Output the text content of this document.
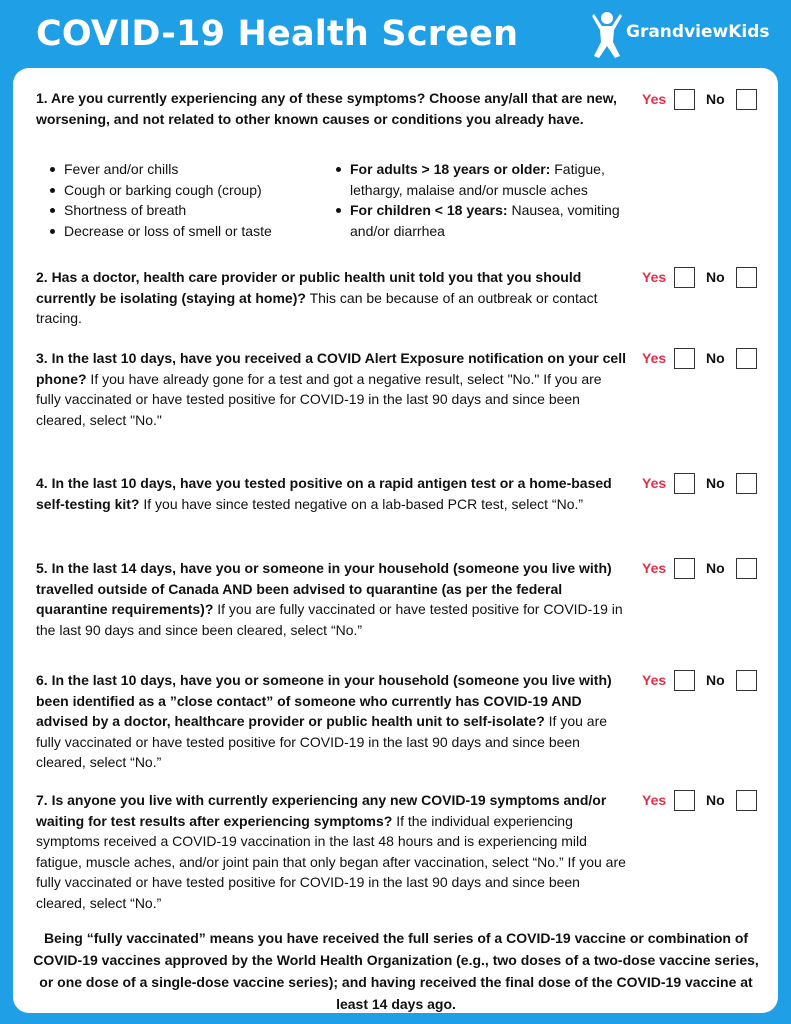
COVID-19 Health Screen	GrandviewKids
1. Are you currently experiencing any of these symptoms? Choose any/all that are new, worsening, and not related to other known causes or conditions you already have.
Fever and/or chills
Cough or barking cough (croup)
Shortness of breath
Decrease or loss of smell or taste
For adults > 18 years or older: Fatigue, lethargy, malaise and/or muscle aches
For children < 18 years: Nausea, vomiting and/or diarrhea
Yes	No
2. Has a doctor, health care provider or public health unit told you that you should currently be isolating (staying at home)? This can be because of an outbreak or contact tracing.
Yes	No
3. In the last 10 days, have you received a COVID Alert Exposure notification on your cell phone? If you have already gone for a test and got a negative result, select "No." If you are fully vaccinated or have tested positive for COVID-19 in the last 90 days and since been cleared, select "No."
Yes	No
4. In the last 10 days, have you tested positive on a rapid antigen test or a home-based self-testing kit? If you have since tested negative on a lab-based PCR test, select “No.”
Yes	No
5. In the last 14 days, have you or someone in your household (someone you live with) travelled outside of Canada AND been advised to quarantine (as per the federal quarantine requirements)? If you are fully vaccinated or have tested positive for COVID-19 in the last 90 days and since been cleared, select “No.”
Yes	No
6. In the last 10 days, have you or someone in your household (someone you live with) been identified as a ”close contact” of someone who currently has COVID-19 AND advised by a doctor, healthcare provider or public health unit to self-isolate? If you are fully vaccinated or have tested positive for COVID-19 in the last 90 days and since been cleared, select “No.”
Yes	No
7. Is anyone you live with currently experiencing any new COVID-19 symptoms and/or waiting for test results after experiencing symptoms? If the individual experiencing symptoms received a COVID-19 vaccination in the last 48 hours and is experiencing mild fatigue, muscle aches, and/or joint pain that only began after vaccination, select “No.” If you are fully vaccinated or have tested positive for COVID-19 in the last 90 days and since been cleared, select “No.”
Yes	No
Being “fully vaccinated” means you have received the full series of a COVID-19 vaccine or combination of COVID-19 vaccines approved by the World Health Organization (e.g., two doses of a two-dose vaccine series, or one dose of a single-dose vaccine series); and having received the final dose of the COVID-19 vaccine at least 14 days ago.
